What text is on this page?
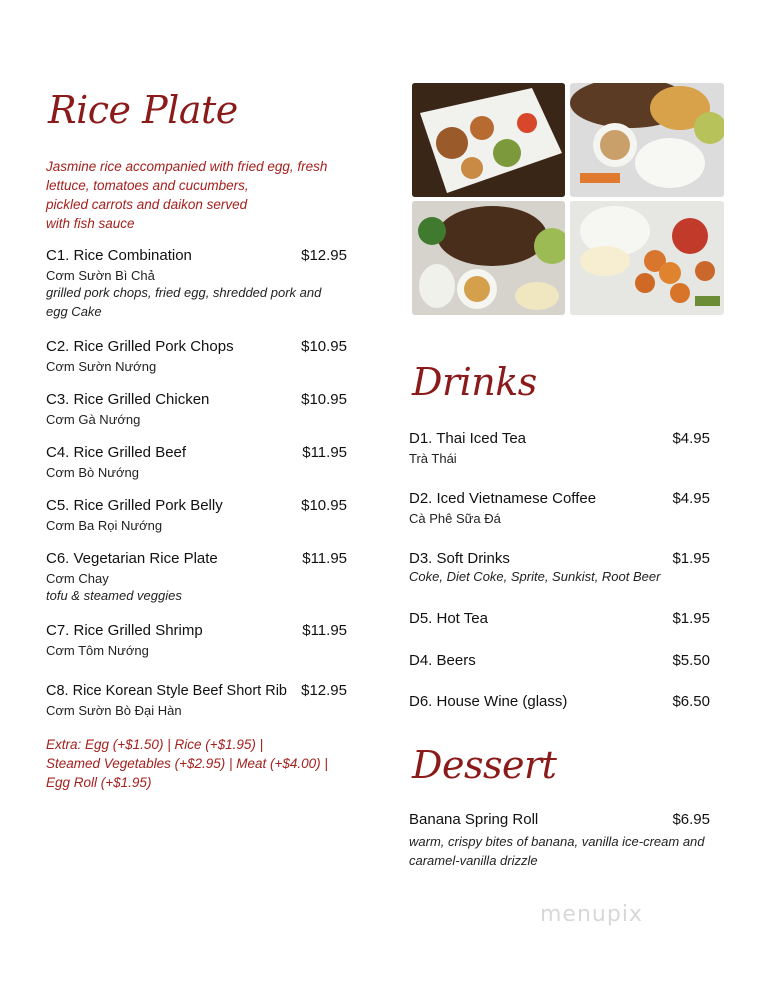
Rice Plate
Jasmine rice accompanied with fried egg, fresh
lettuce, tomatoes and cucumbers,
pickled carrots and daikon served
with fish sauce
C1. Rice Combination	$12.95
Cơm Sườn Bì Chả
grilled pork chops, fried egg, shredded pork and
egg Cake
C2. Rice Grilled Pork Chops	$10.95
Cơm Sườn Nướng
C3. Rice Grilled Chicken	$10.95
Cơm Gà Nướng
C4. Rice Grilled Beef	$11.95
Cơm Bò Nướng
C5. Rice Grilled Pork Belly	$10.95
Cơm Ba Rọi Nướng
C6. Vegetarian Rice Plate	$11.95
Cơm Chay
tofu & steamed veggies
C7. Rice Grilled Shrimp	$11.95
Cơm Tôm Nướng
C8. Rice Korean Style Beef Short Rib $12.95
Cơm Sườn Bò Đại Hàn
Extra: Egg (+$1.50) | Rice (+$1.95) |
Steamed Vegetables (+$2.95) | Meat (+$4.00) |
Egg Roll (+$1.95)
Drinks
D1. Thai Iced Tea	$4.95
Trà Thái
D2. Iced Vietnamese Coffee	$4.95
Cà Phê Sữa Đá
D3. Soft Drinks	$1.95
Coke, Diet Coke, Sprite, Sunkist, Root Beer
D5. Hot Tea	$1.95
D4. Beers	$5.50
D6. House Wine (glass)	$6.50
Dessert
Banana Spring Roll	$6.95
warm, crispy bites of banana, vanilla ice-cream and
caramel-vanilla drizzle
menupix
